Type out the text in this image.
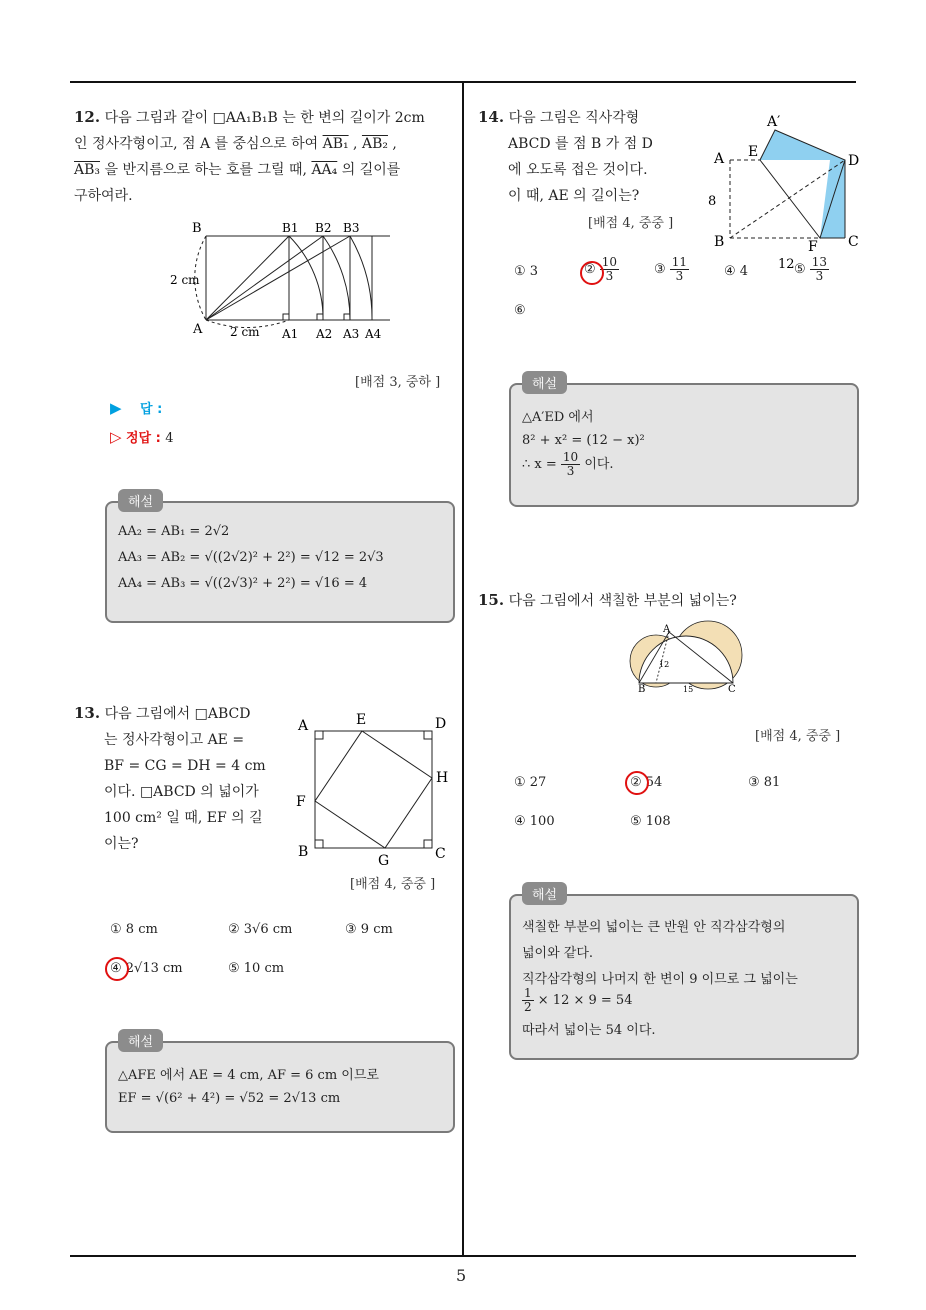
5
12. 다음 그림과 같이 □AA₁B₁B 는 한 변의 길이가 2cm
인 정사각형이고, 점 A 를 중심으로 하여 AB₁ , AB₂ ,
AB₃ 을 반지름으로 하는 호를 그릴 때, AA₄ 의 길이를
구하여라.
B	B1 B2 B3
A	A1 A2 A3 A4
2 cm
2 cm
[배점 3, 중하 ]
▶ 답 :
▷ 정답 : 4
해설
AA₂ = AB₁ = 2√2
AA₃ = AB₂ = √((2√2)² + 2²) = √12 = 2√3
AA₄ = AB₃ = √((2√3)² + 2²) = √16 = 4
13. 다음 그림에서 □ABCD
는 정사각형이고 AE =
BF = CG = DH = 4 cm
이다. □ABCD 의 넓이가
100 cm² 일 때, EF 의 길
이는?
A	E	D
H
F
B
G	C
[배점 4, 중중 ]
① 8 cm	② 3√6 cm	③ 9 cm
④ 2√13 cm	⑤ 10 cm
해설
△AFE 에서 AE = 4 cm, AF = 6 cm 이므로
EF = √(6² + 4²) = √52 = 2√13 cm
14. 다음 그림은 직사각형
ABCD 를 점 B 가 점 D
에 오도록 접은 것이다.
이 때, AE 의 길이는?
[배점 4, 중중 ]
A′
A E
D
8
B	F C
12
① 3	② $\frac{10}{3}$	③ $\frac{11}{3}$	④ 4	⑤ $\frac{13}{3}$
⑥
해설
△A′ED 에서
8² + x² = (12 − x)²
∴ $x = \frac{10}{3}$ 이다.
15. 다음 그림에서 색칠한 부분의 넓이는?
A
B	C
12
15
[배점 4, 중중 ]
① 27	② 54	③ 81
④ 100	⑤ 108
해설
색칠한 부분의 넓이는 큰 반원 안 직각삼각형의
넓이와 같다.
직각삼각형의 나머지 한 변이 9 이므로 그 넓이는
$\frac{1}{2} \times 12 \times 9 = 54$
따라서 넓이는 54 이다.
